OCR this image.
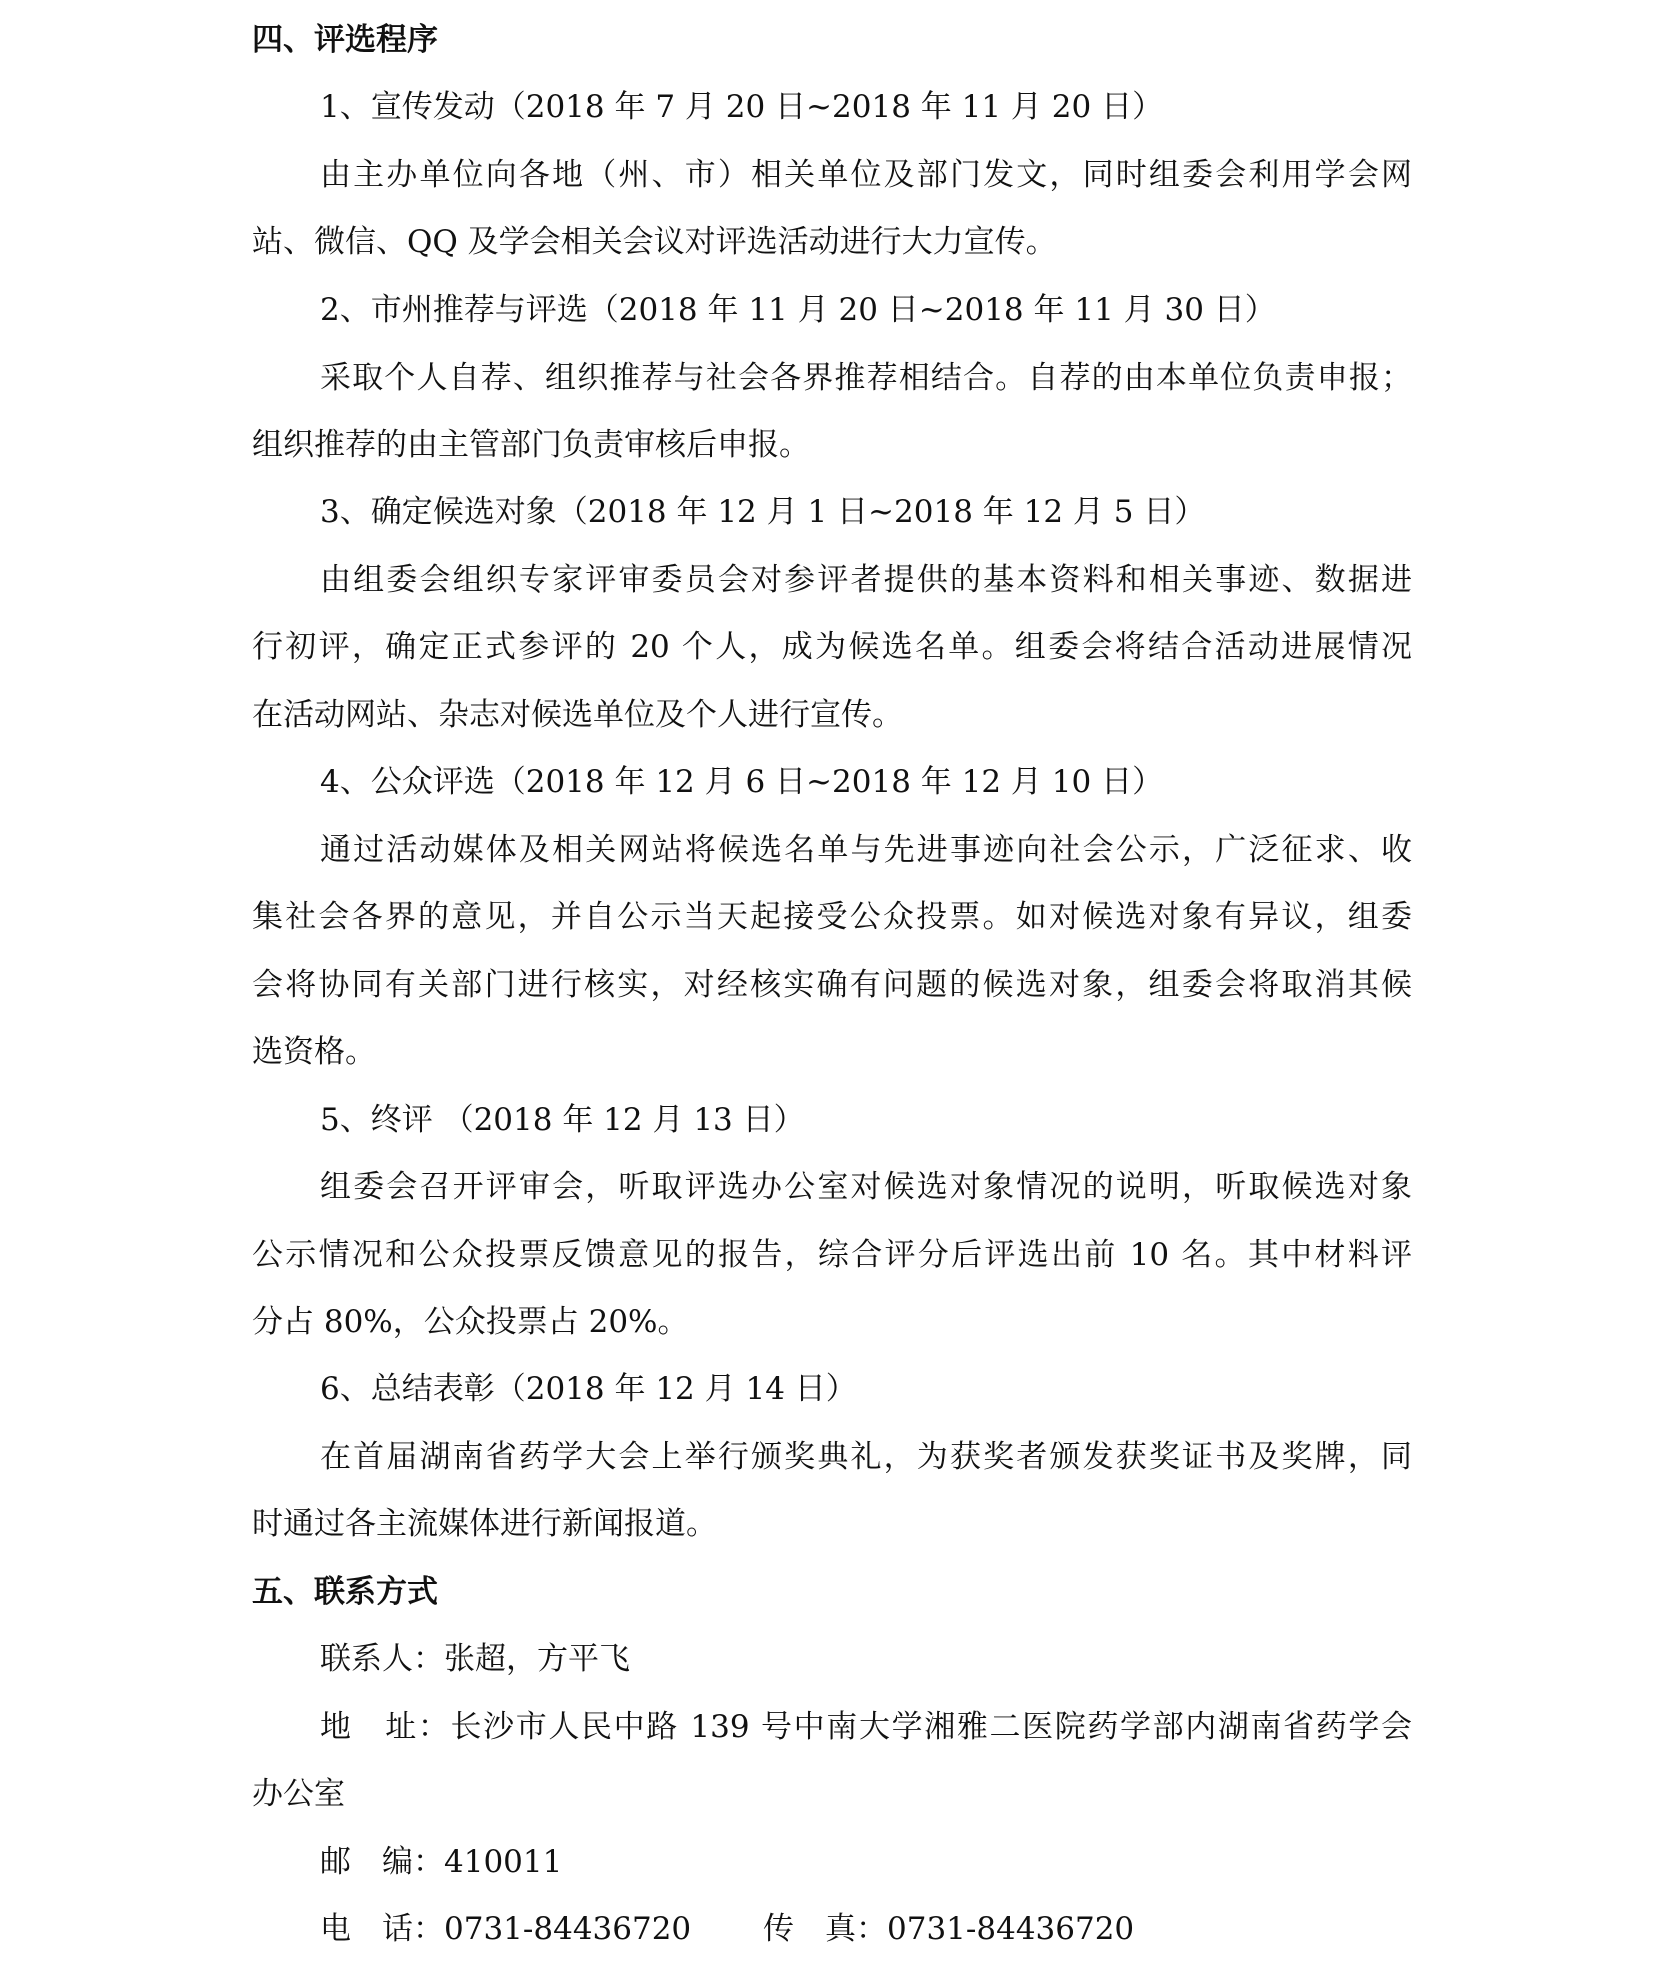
四、评选程序
1、宣传发动（2018 年 7 月 20 日~2018 年 11 月 20 日）
由主办单位向各地（州、市）相关单位及部门发文，同时组委会利用学会网
站、微信、QQ 及学会相关会议对评选活动进行大力宣传。
2、市州推荐与评选（2018 年 11 月 20 日~2018 年 11 月 30 日）
采取个人自荐、组织推荐与社会各界推荐相结合。自荐的由本单位负责申报；
组织推荐的由主管部门负责审核后申报。
3、确定候选对象（2018 年 12 月 1 日~2018 年 12 月 5 日）
由组委会组织专家评审委员会对参评者提供的基本资料和相关事迹、数据进
行初评，确定正式参评的 20 个人，成为候选名单。组委会将结合活动进展情况
在活动网站、杂志对候选单位及个人进行宣传。
4、公众评选（2018 年 12 月 6 日~2018 年 12 月 10 日）
通过活动媒体及相关网站将候选名单与先进事迹向社会公示，广泛征求、收
集社会各界的意见，并自公示当天起接受公众投票。如对候选对象有异议，组委
会将协同有关部门进行核实，对经核实确有问题的候选对象，组委会将取消其候
选资格。
5、终评 （2018 年 12 月 13 日）
组委会召开评审会，听取评选办公室对候选对象情况的说明，听取候选对象
公示情况和公众投票反馈意见的报告，综合评分后评选出前 10 名。其中材料评
分占 80%，公众投票占 20%。
6、总结表彰（2018 年 12 月 14 日）
在首届湖南省药学大会上举行颁奖典礼，为获奖者颁发获奖证书及奖牌，同
时通过各主流媒体进行新闻报道。
五、联系方式
联系人：张超，方平飞
地　址：长沙市人民中路 139 号中南大学湘雅二医院药学部内湖南省药学会
办公室
邮　编：410011
电　话：0731-84436720　　 传　真：0731-84436720
